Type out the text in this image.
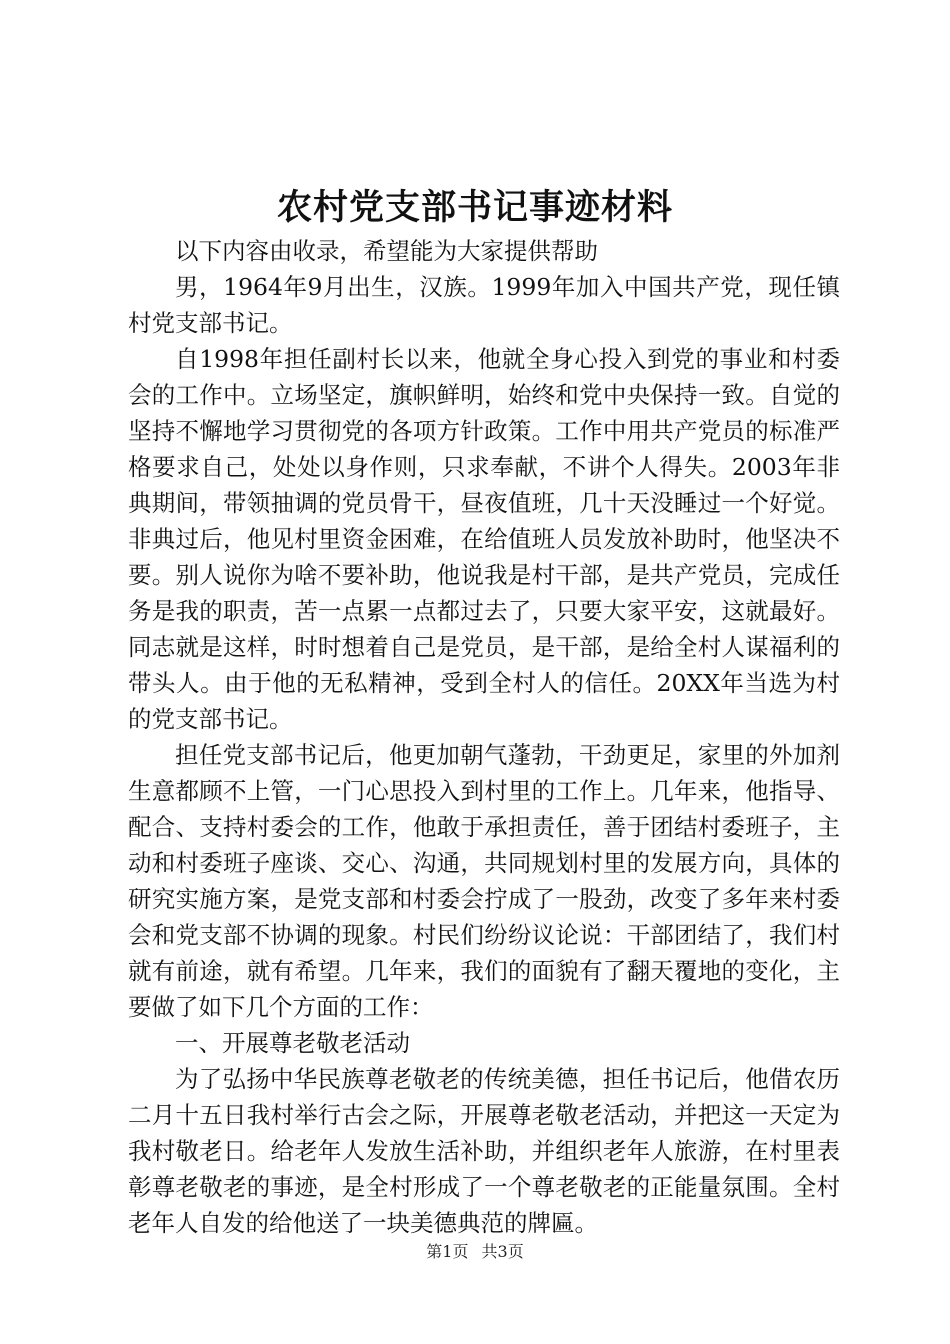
农村党支部书记事迹材料

以下内容由收录，希望能为大家提供帮助

男，1964年9月出生，汉族。1999年加入中国共产党，现任镇村党支部书记。

自1998年担任副村长以来，他就全身心投入到党的事业和村委会的工作中。立场坚定，旗帜鲜明，始终和党中央保持一致。自觉的坚持不懈地学习贯彻党的各项方针政策。工作中用共产党员的标准严格要求自己，处处以身作则，只求奉献，不讲个人得失。2003年非典期间，带领抽调的党员骨干，昼夜值班，几十天没睡过一个好觉。非典过后，他见村里资金困难，在给值班人员发放补助时，他坚决不要。别人说你为啥不要补助，他说我是村干部，是共产党员，完成任务是我的职责，苦一点累一点都过去了，只要大家平安，这就最好。同志就是这样，时时想着自己是党员，是干部，是给全村人谋福利的带头人。由于他的无私精神，受到全村人的信任。20XX年当选为村的党支部书记。

担任党支部书记后，他更加朝气蓬勃，干劲更足，家里的外加剂生意都顾不上管，一门心思投入到村里的工作上。几年来，他指导、配合、支持村委会的工作，他敢于承担责任，善于团结村委班子，主动和村委班子座谈、交心、沟通，共同规划村里的发展方向，具体的研究实施方案，是党支部和村委会拧成了一股劲，改变了多年来村委会和党支部不协调的现象。村民们纷纷议论说：干部团结了，我们村就有前途，就有希望。几年来，我们的面貌有了翻天覆地的变化，主要做了如下几个方面的工作：

一、开展尊老敬老活动

为了弘扬中华民族尊老敬老的传统美德，担任书记后，他借农历二月十五日我村举行古会之际，开展尊老敬老活动，并把这一天定为我村敬老日。给老年人发放生活补助，并组织老年人旅游，在村里表彰尊老敬老的事迹，是全村形成了一个尊老敬老的正能量氛围。全村老年人自发的给他送了一块美德典范的牌匾。

第1页 共3页
